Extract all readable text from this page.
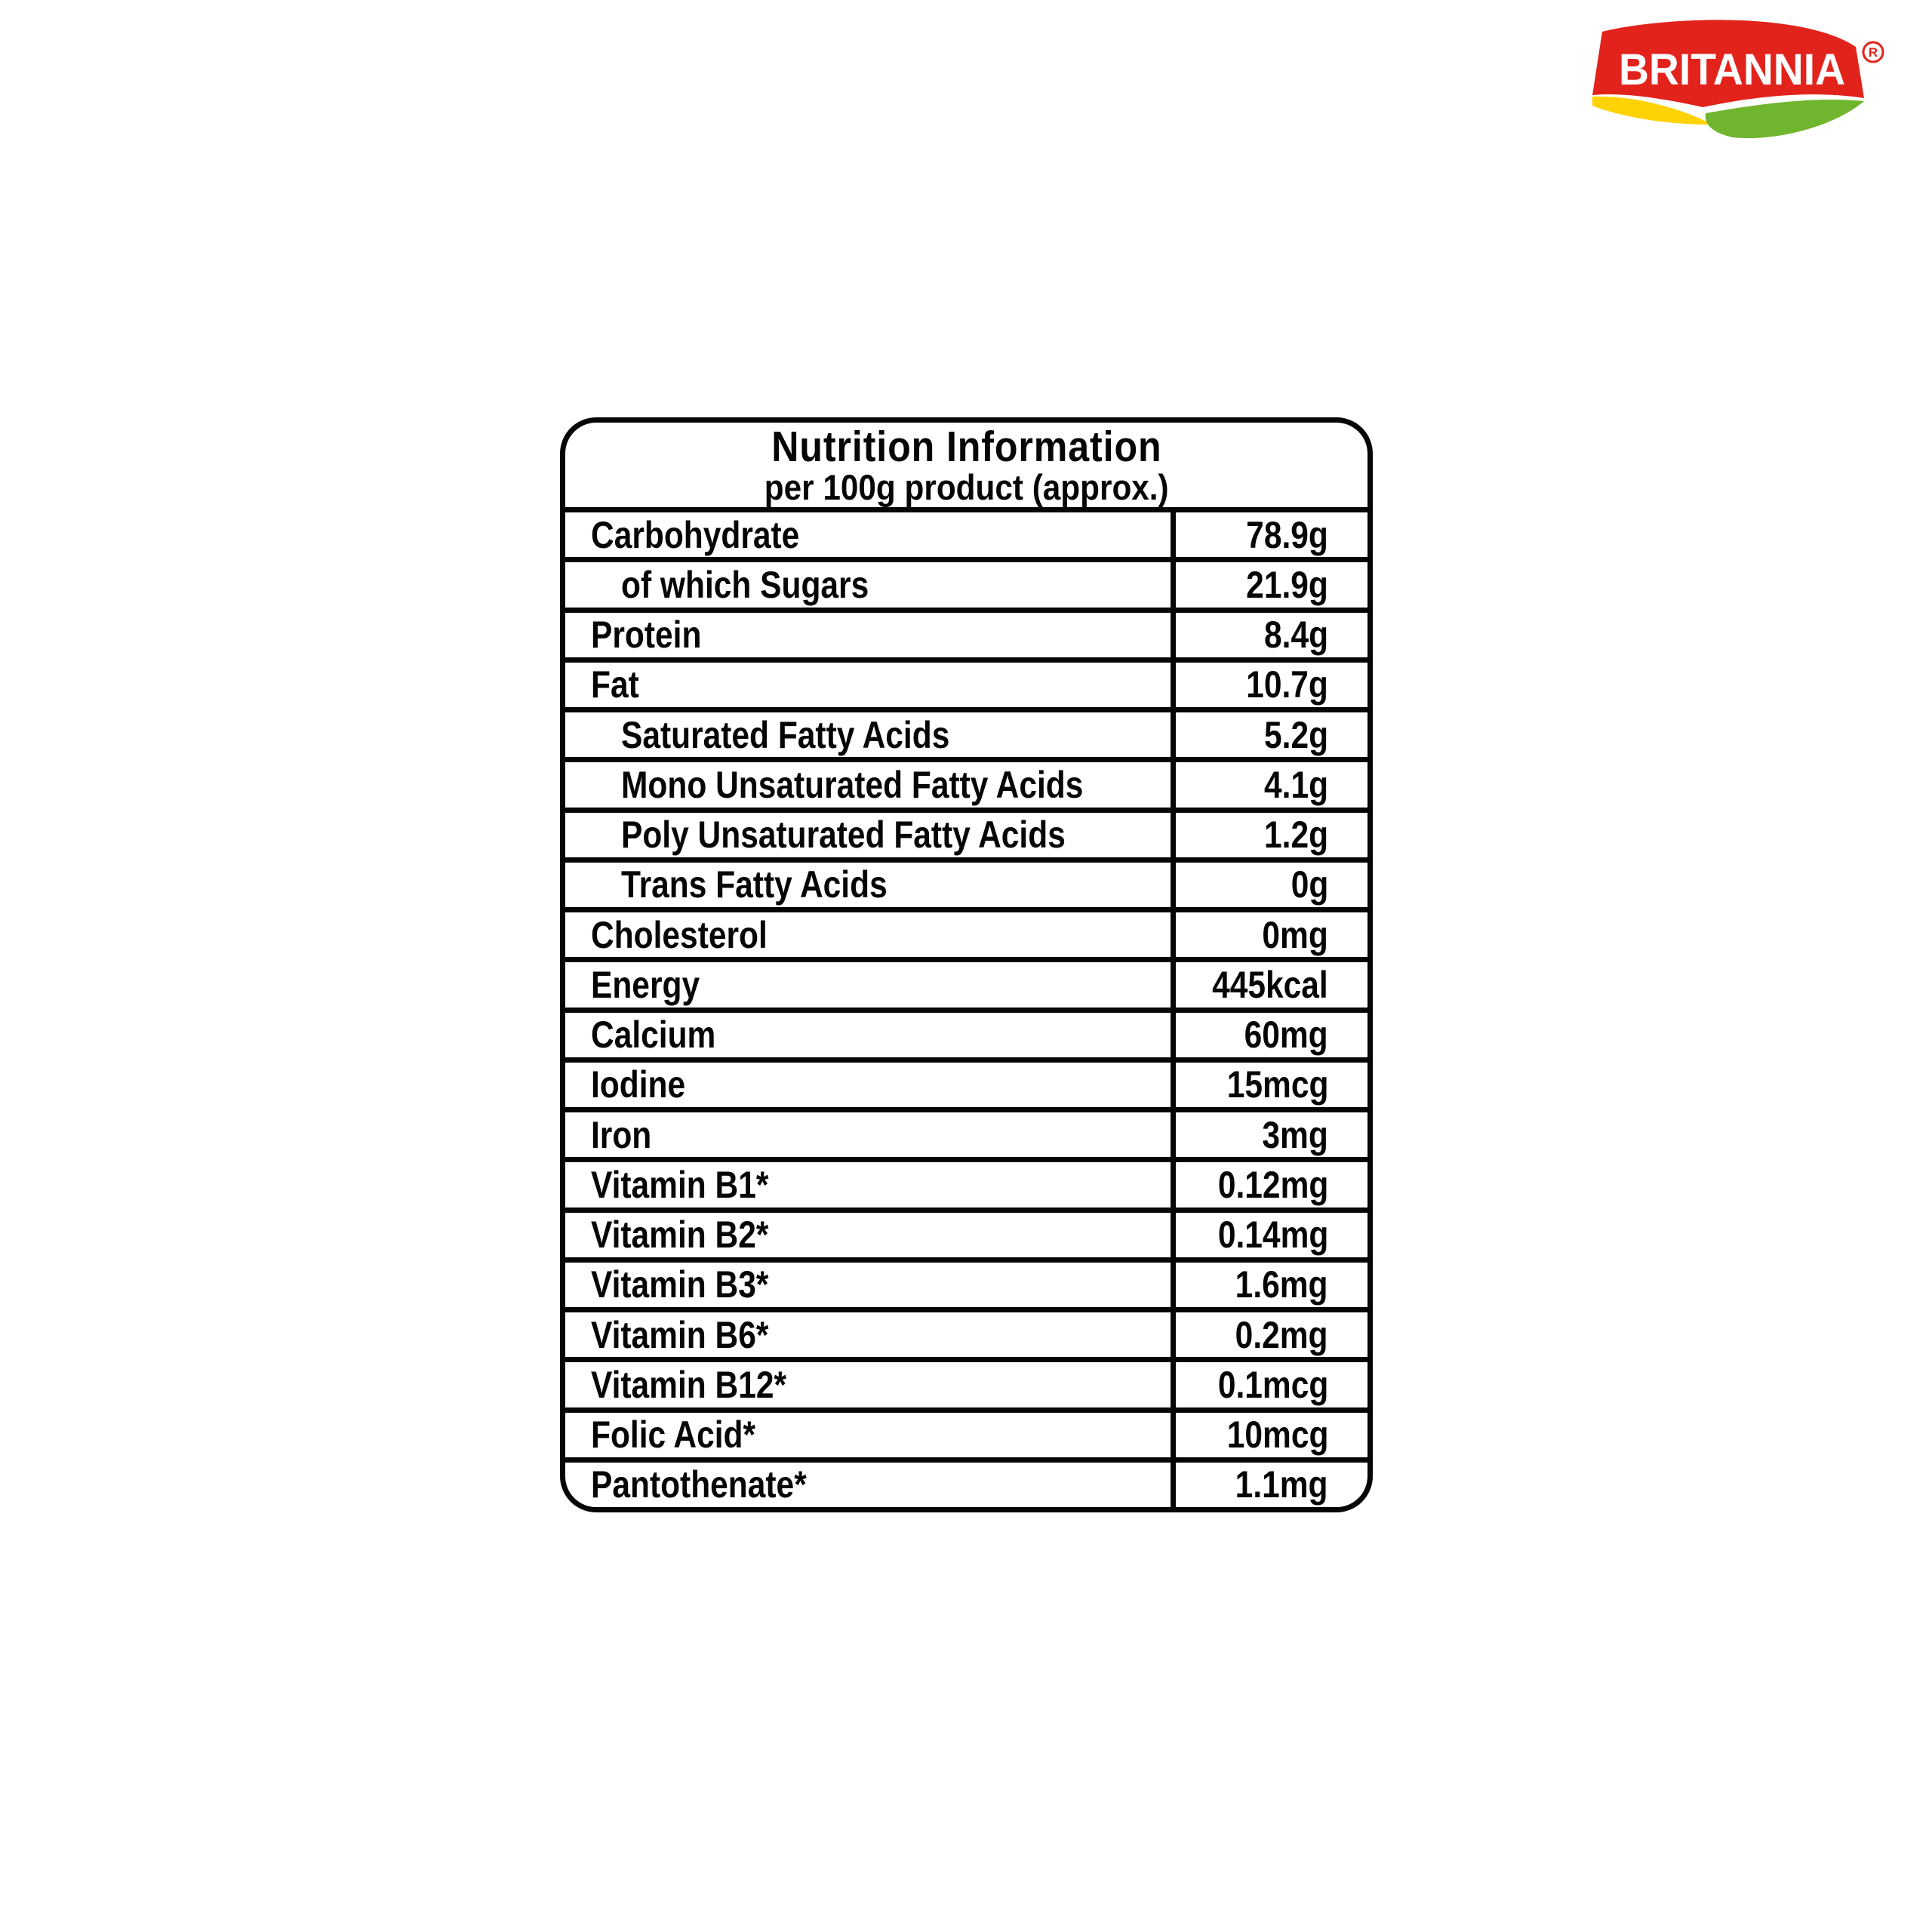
BRITANNIA R
Nutrition Information
per 100g product (approx.)
Carbohydrate	78.9g
of which Sugars	21.9g
Protein	8.4g
Fat	10.7g
Saturated Fatty Acids	5.2g
Mono Unsaturated Fatty Acids	4.1g
Poly Unsaturated Fatty Acids	1.2g
Trans Fatty Acids	0g
Cholesterol	0mg
Energy	445kcal
Calcium	60mg
Iodine	15mcg
Iron	3mg
Vitamin B1*	0.12mg
Vitamin B2*	0.14mg
Vitamin B3*	1.6mg
Vitamin B6*	0.2mg
Vitamin B12*	0.1mcg
Folic Acid*	10mcg
Pantothenate*	1.1mg
